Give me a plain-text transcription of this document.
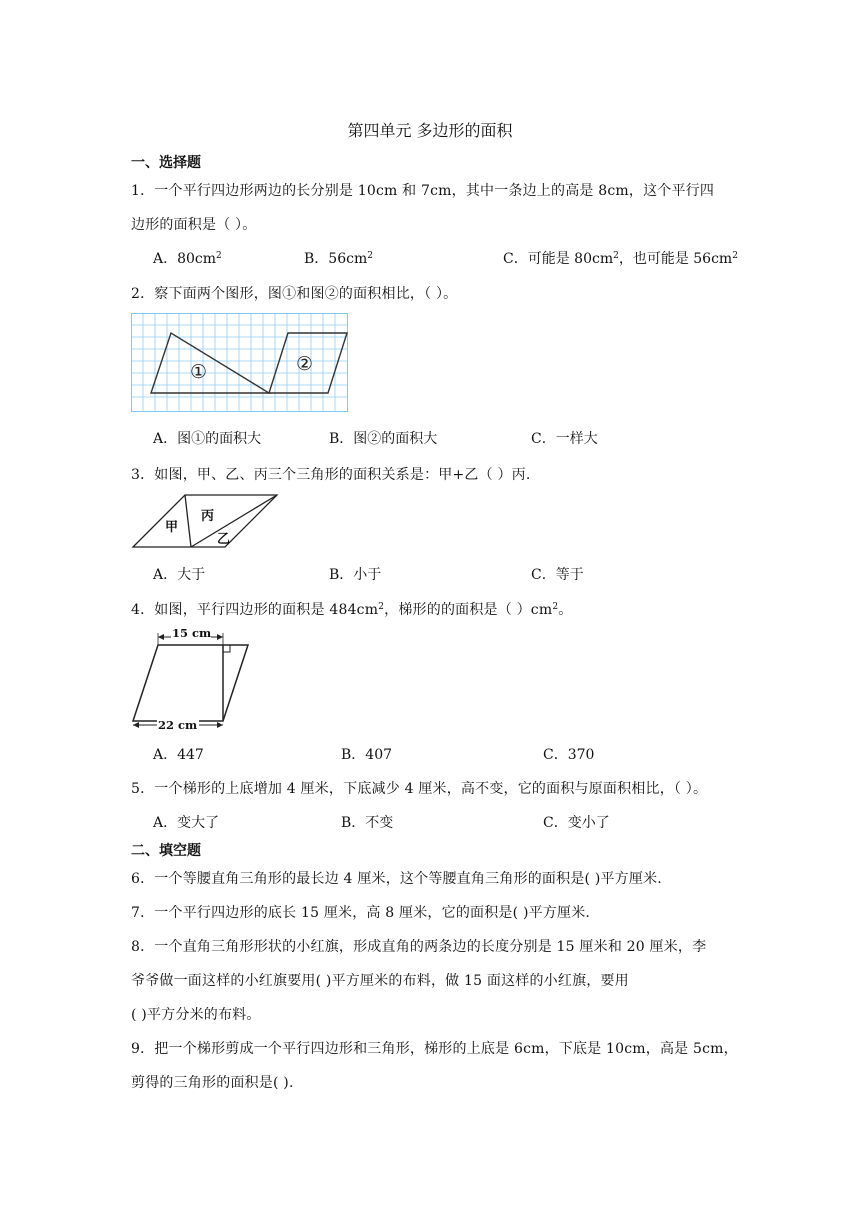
第四单元 多边形的面积
一、选择题
1．一个平行四边形两边的长分别是 10cm 和 7cm，其中一条边上的高是 8cm，这个平行四
边形的面积是（ ）。
A．$80cm^2$	B．$56cm^2$	C．可能是 $80cm^2$，也可能是 $56cm^2$
2．察下面两个图形，图①和图②的面积相比，（ ）。
①	②
A．图①的面积大	B．图②的面积大	C．一样大
3．如图，甲、乙、丙三个三角形的面积关系是：甲+乙（ ）丙.
甲
丙
乙
A．大于	B．小于	C．等于
4．如图，平行四边形的面积是 $484cm^2$，梯形的的面积是（ ）$cm^2$。
15 cm
22 cm
A．447	B．407	C．370
5．一个梯形的上底增加 4 厘米，下底减少 4 厘米，高不变，它的面积与原面积相比，（ ）。
A．变大了	B．不变	C．变小了
二、填空题
6．一个等腰直角三角形的最长边 4 厘米，这个等腰直角三角形的面积是( )平方厘米.
7．一个平行四边形的底长 15 厘米，高 8 厘米，它的面积是( )平方厘米.
8．一个直角三角形形状的小红旗，形成直角的两条边的长度分别是 15 厘米和 20 厘米，李
爷爷做一面这样的小红旗要用( )平方厘米的布料，做 15 面这样的小红旗，要用
( )平方分米的布料。
9．把一个梯形剪成一个平行四边形和三角形，梯形的上底是 6cm，下底是 10cm，高是 5cm，
剪得的三角形的面积是( ).
